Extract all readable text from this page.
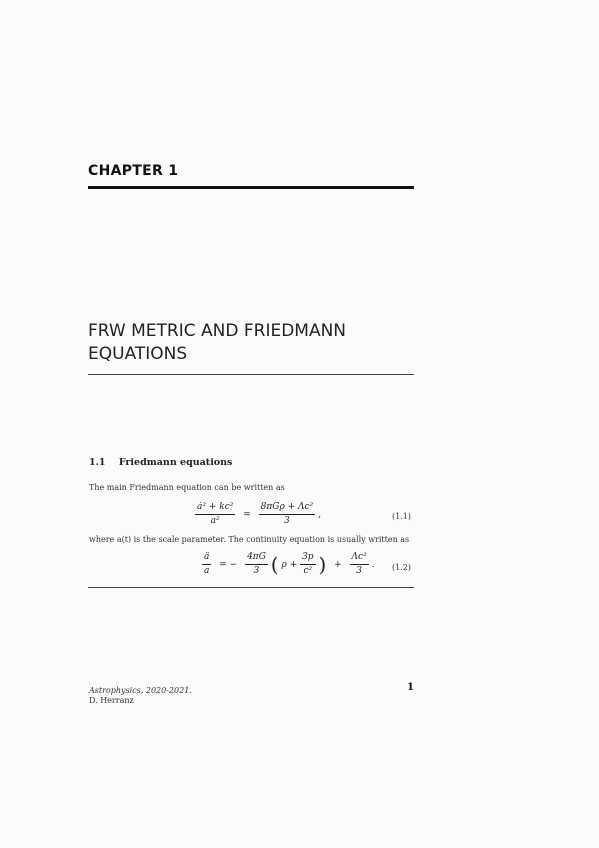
CHAPTER 1
FRW METRIC AND FRIEDMANN EQUATIONS
1.1 Friedmann equations
The main Friedmann equation can be written as
$\frac{\text{ȧ² + kc²}}{\text{a²}} = \frac{\text{8πGρ + Λc²}}{3}$ ,	(1.1)
where a(t) is the scale parameter. The continuity equation is usually written as
$\frac{ä}{a}$ = − $\frac{4\pi G}{3}$ ( $\rho + \frac{3p}{\text{c²}}$ ) + $\frac{\text{Λc²}}{3}$ . (1.2)
Astrophysics, 2020-2021.
D. Herranz
1
